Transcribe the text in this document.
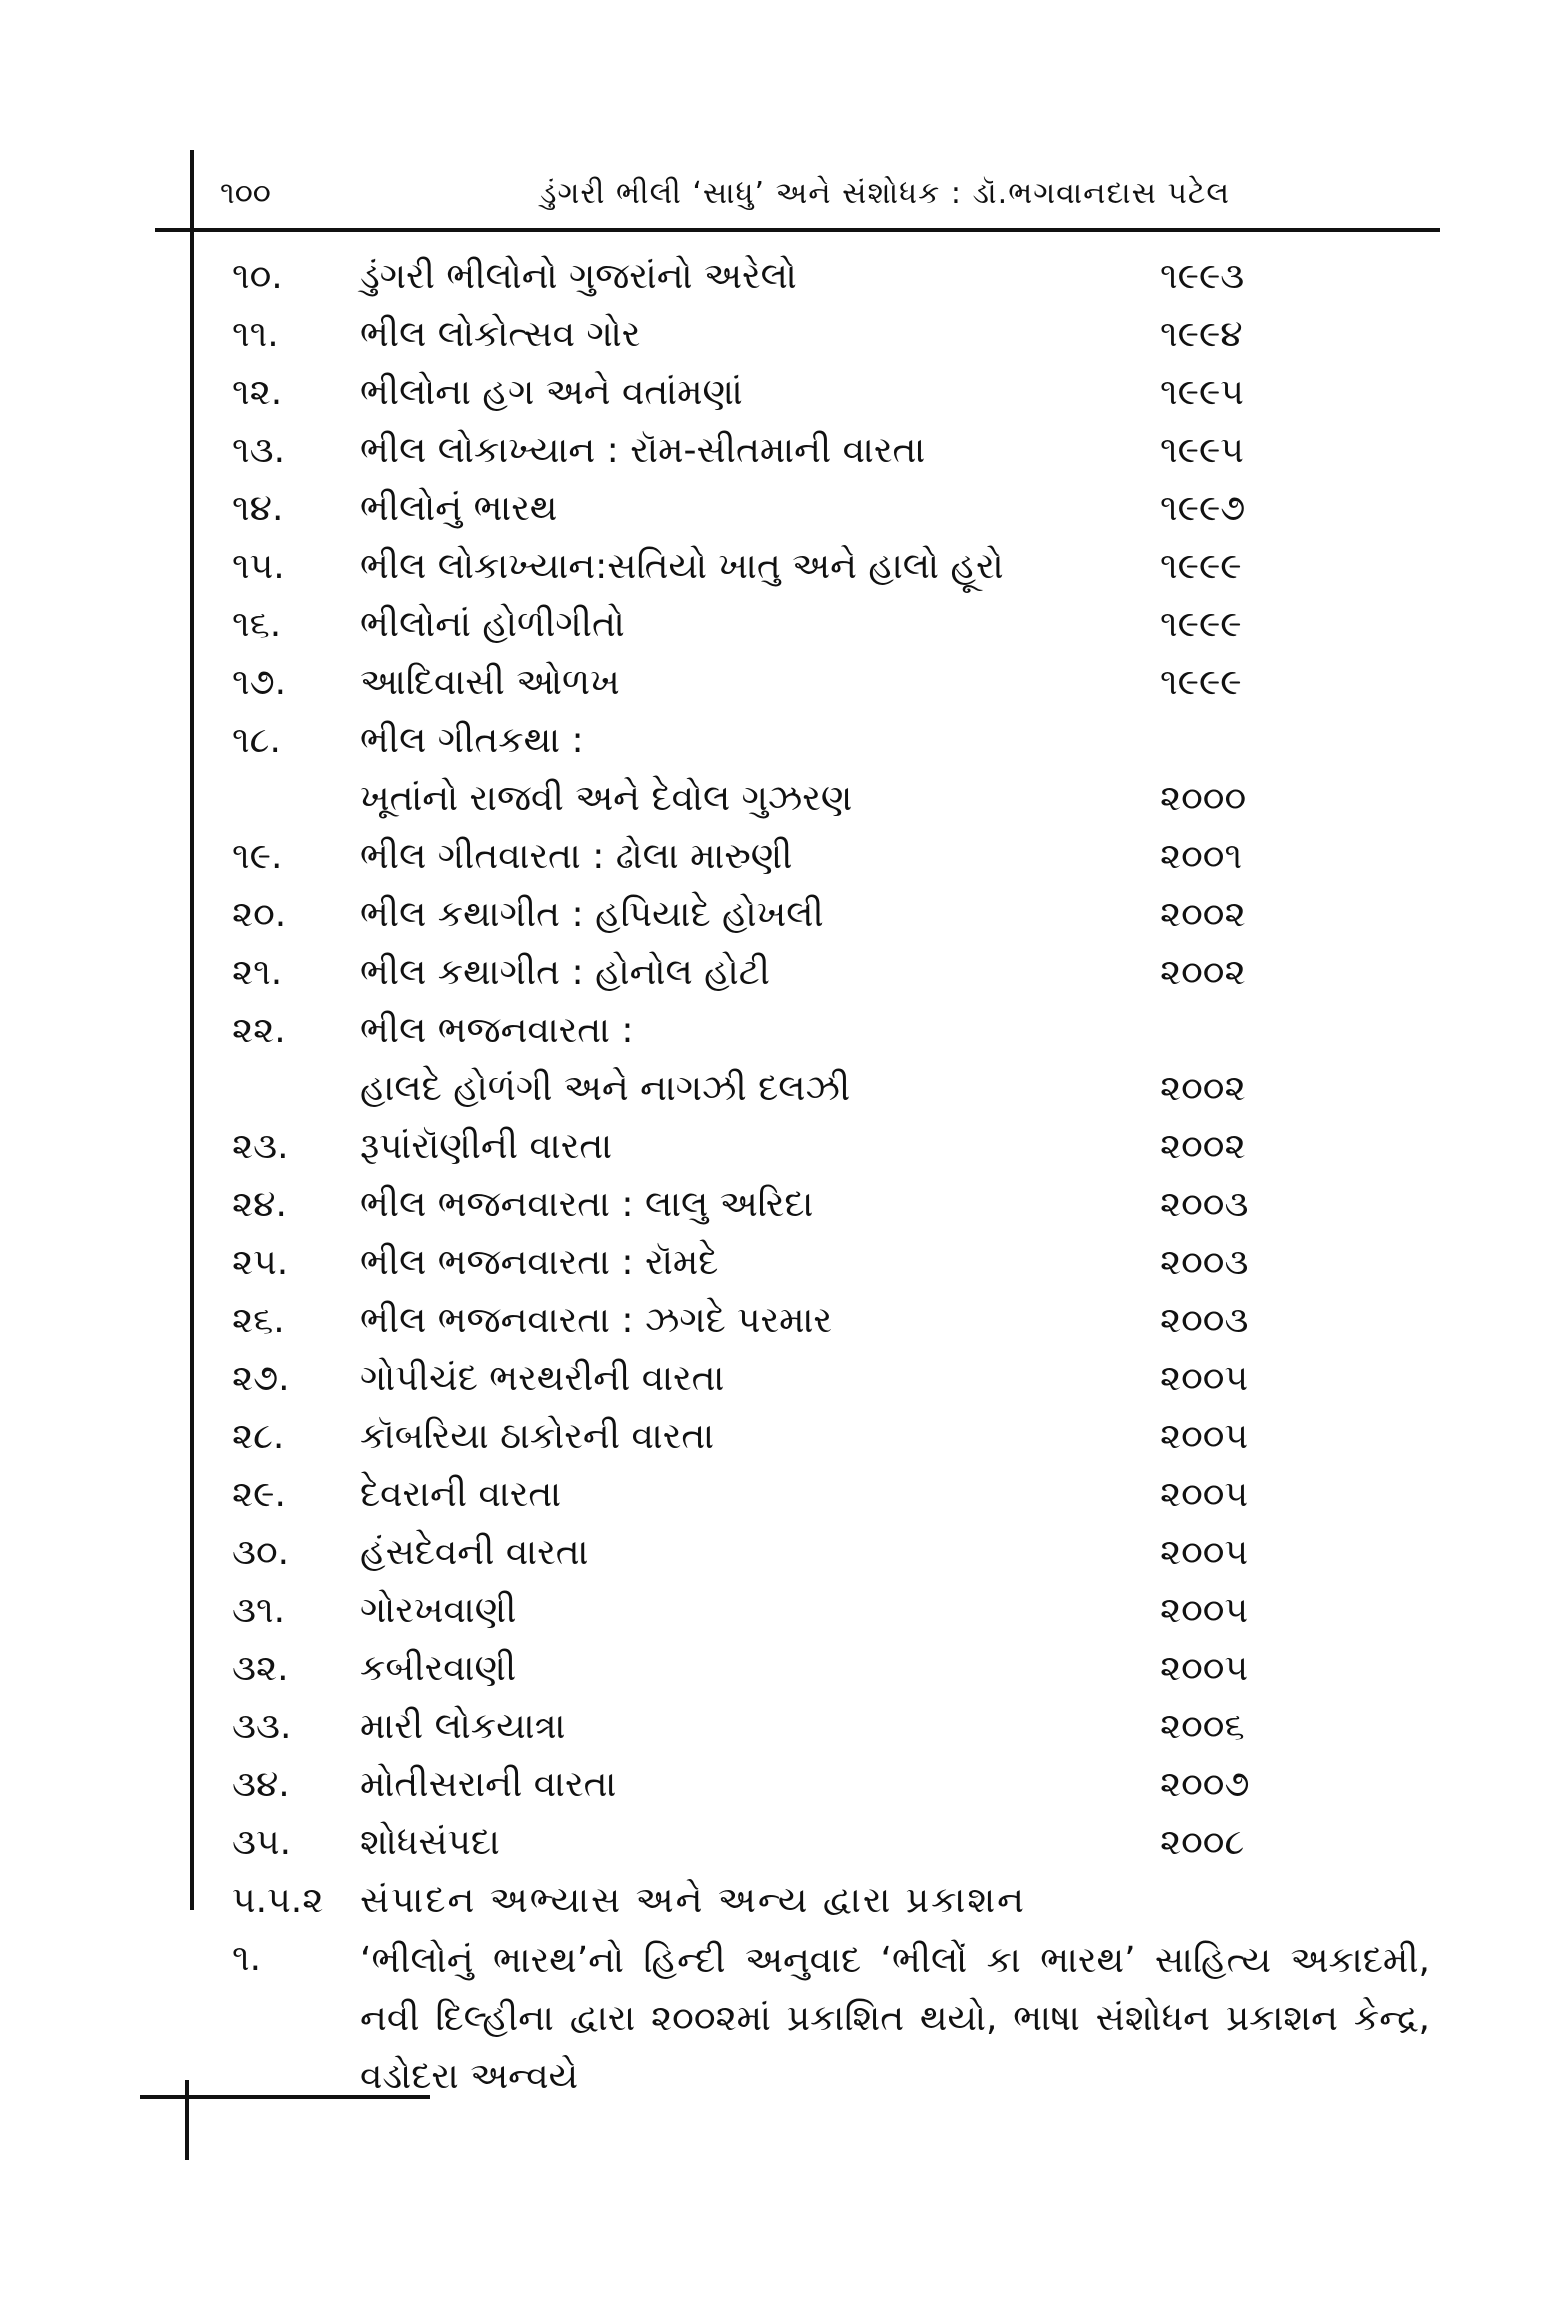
૧૦૦	ડુંગરી ભીલી ‘સાધુ’ અને સંશોધક : ડૉ.ભગવાનદાસ પટેલ
૧૦. ડુંગરી ભીલોનો ગુજરાંનો અરેલો	૧૯૯૩
૧૧. ભીલ લોકોત્સવ ગોર	૧૯૯૪
૧૨. ભીલોના હગ અને વતાંમણાં	૧૯૯૫
૧૩. ભીલ લોકાખ્યાન : રૉમ-સીતમાની વારતા	૧૯૯૫
૧૪. ભીલોનું ભારથ	૧૯૯૭
૧૫. ભીલ લોકાખ્યાન:સતિયો ખાતુ અને હાલો હૂરો	૧૯૯૯
૧૬. ભીલોનાં હોળીગીતો	૧૯૯૯
૧૭. આદિવાસી ઓળખ	૧૯૯૯
૧૮. ભીલ ગીતકથા :
ખૂતાંનો રાજવી અને દેવોલ ગુઝરણ	૨૦૦૦
૧૯. ભીલ ગીતવારતા : ઢોલા મારુણી	૨૦૦૧
૨૦. ભીલ કથાગીત : હપિયાદે હોખલી	૨૦૦૨
૨૧. ભીલ કથાગીત : હોનોલ હોટી	૨૦૦૨
૨૨. ભીલ ભજનવારતા :
હાલદે હોળંગી અને નાગઝી દલઝી	૨૦૦૨
૨૩. રૂપાંરૉણીની વારતા	૨૦૦૨
૨૪. ભીલ ભજનવારતા : લાલુ અરિદા	૨૦૦૩
૨૫. ભીલ ભજનવારતા : રૉમદે	૨૦૦૩
૨૬. ભીલ ભજનવારતા : ઝગદે પરમાર	૨૦૦૩
૨૭. ગોપીચંદ ભરથરીની વારતા	૨૦૦૫
૨૮. કૉબરિયા ઠાકોરની વારતા	૨૦૦૫
૨૯. દેવરાની વારતા	૨૦૦૫
૩૦. હંસદેવની વારતા	૨૦૦૫
૩૧. ગોરખવાણી	૨૦૦૫
૩૨. કબીરવાણી	૨૦૦૫
૩૩. મારી લોકયાત્રા	૨૦૦૬
૩૪. મોતીસરાની વારતા	૨૦૦૭
૩૫. શોધસંપદા	૨૦૦૮
૫.૫.૨ સંપાદન અભ્યાસ અને અન્ય દ્વારા પ્રકાશન
૧.	‘ભીલોનું ભારથ’નો હિન્દી અનુવાદ ‘ભીલોં કા ભારથ’ સાહિત્ય અકાદમી, નવી દિલ્હીના દ્વારા ૨૦૦૨માં પ્રકાશિત થયો, ભાષા સંશોધન પ્રકાશન કેન્દ્ર, વડોદરા અન્વયે
